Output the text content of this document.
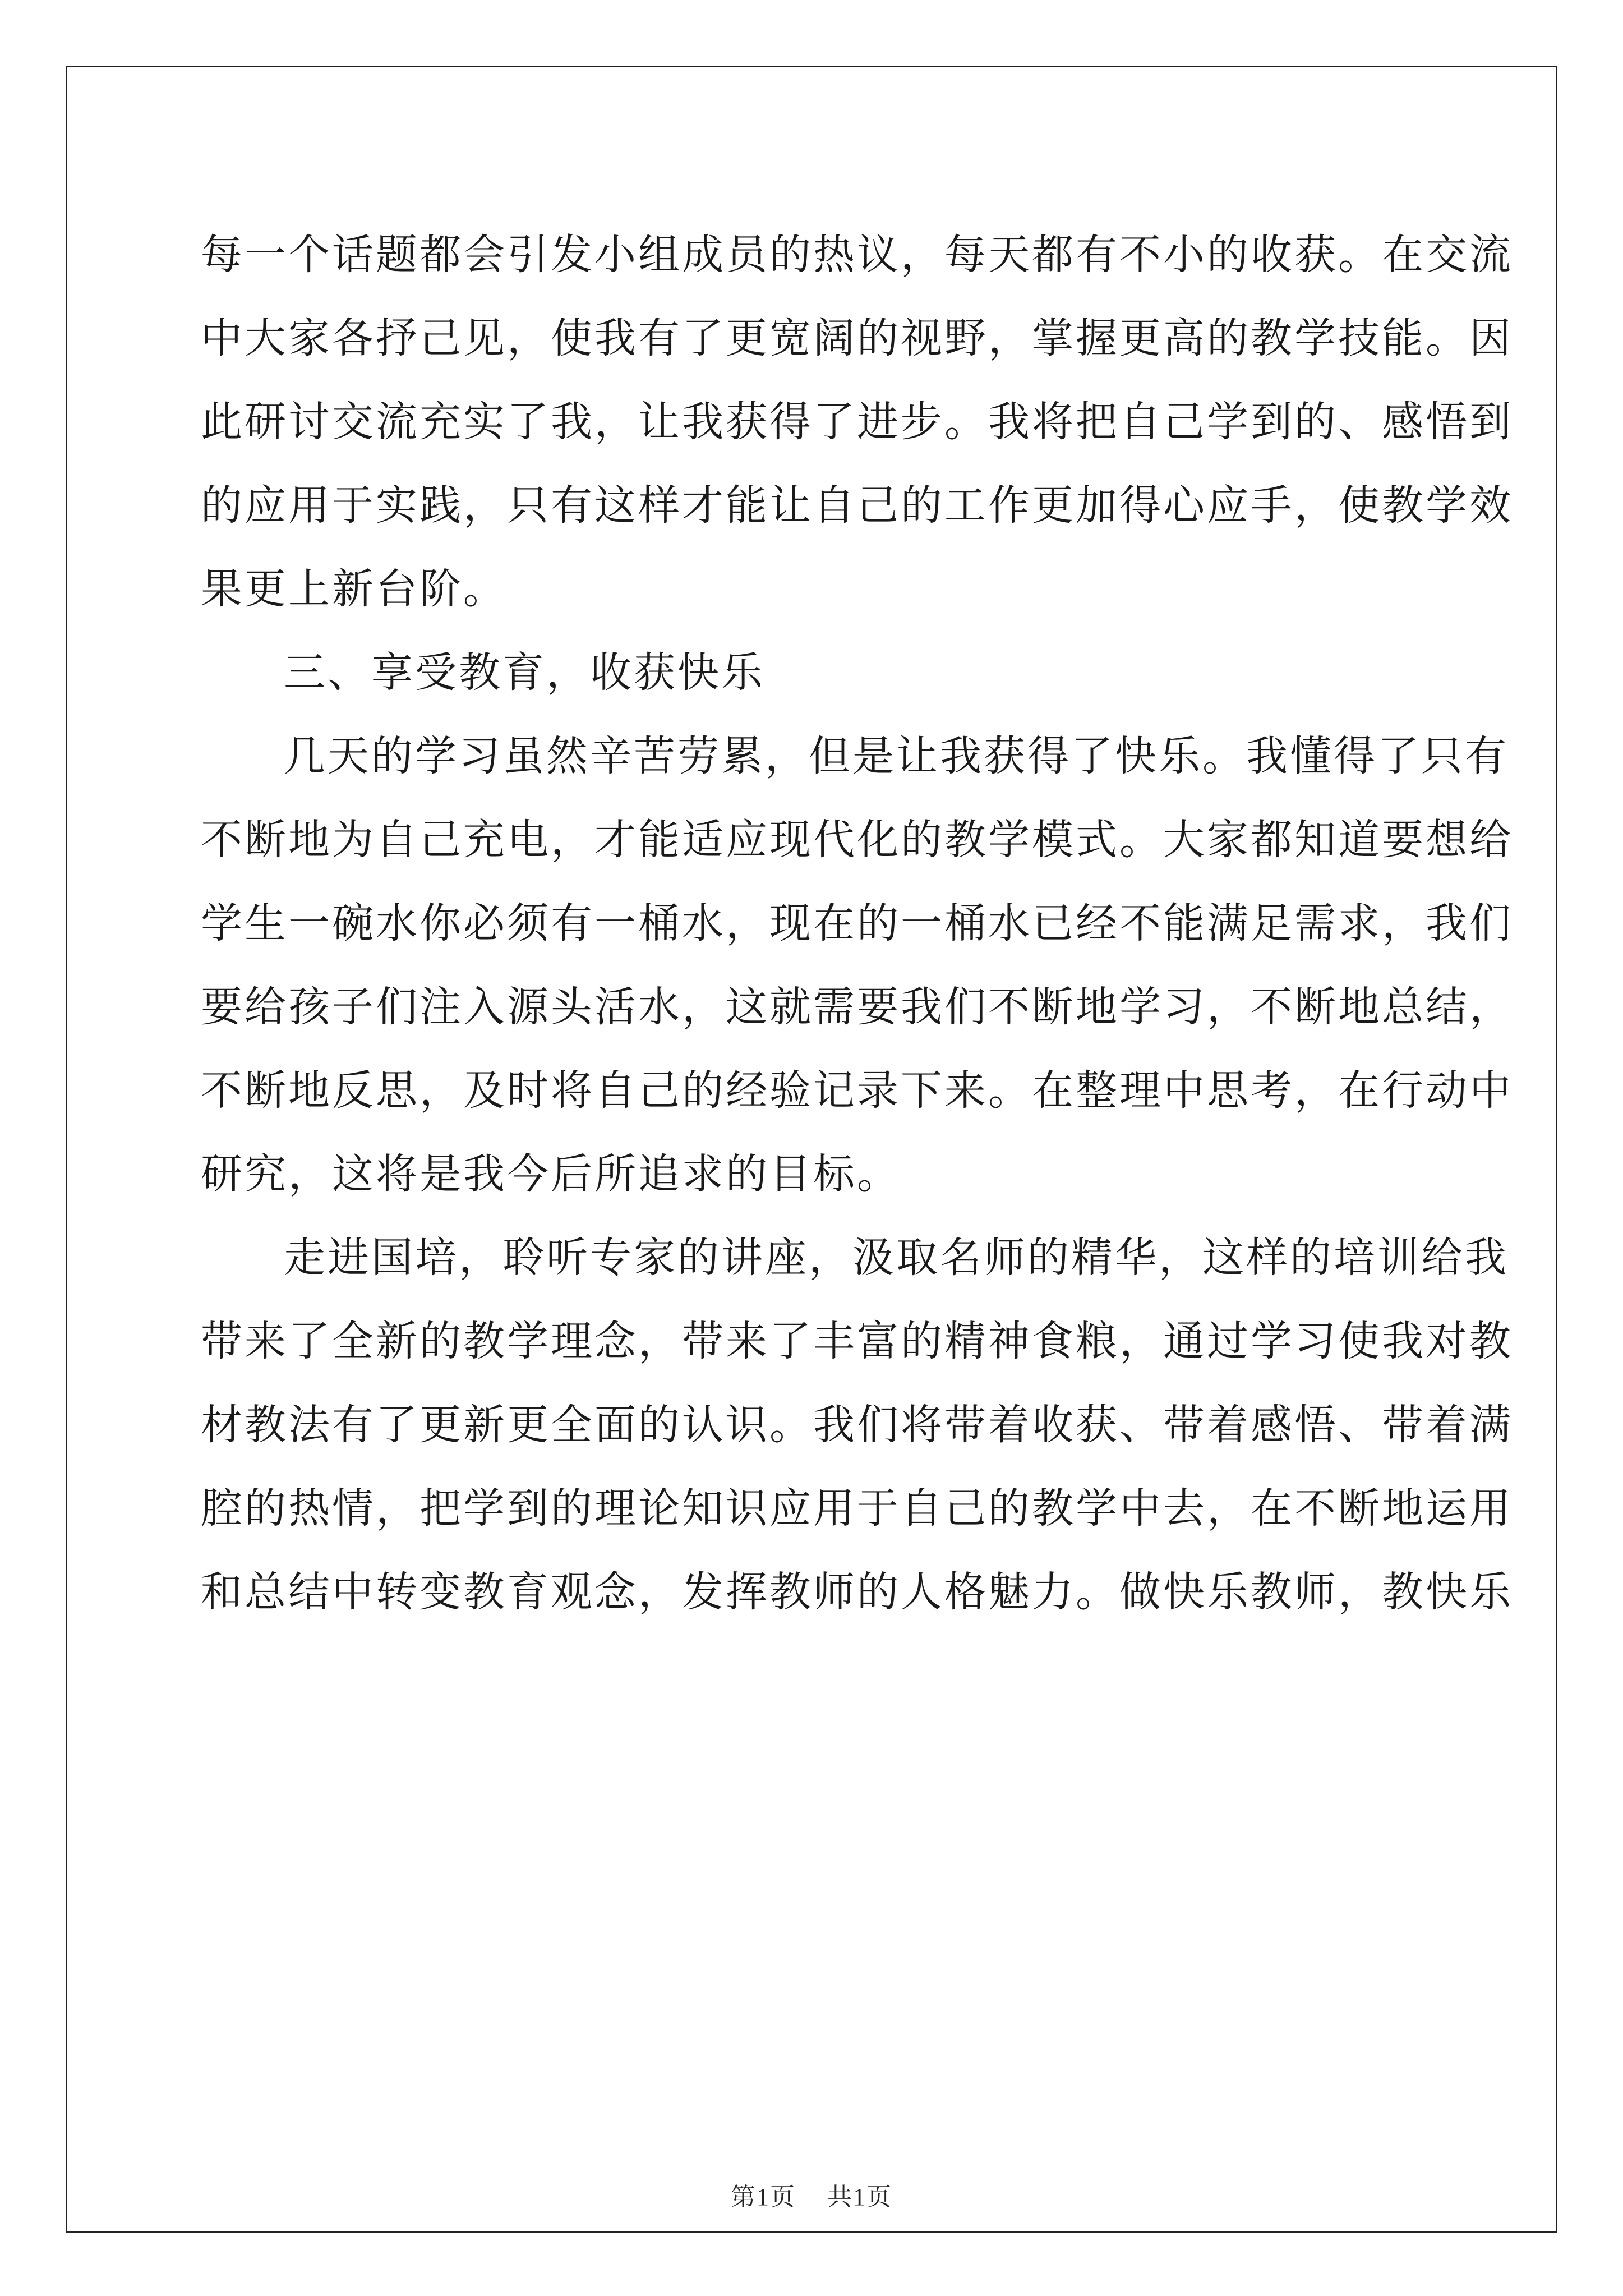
每一个话题都会引发小组成员的热议，每天都有不小的收获。在交流
中大家各抒己见，使我有了更宽阔的视野，掌握更高的教学技能。因
此研讨交流充实了我，让我获得了进步。我将把自己学到的、感悟到
的应用于实践，只有这样才能让自己的工作更加得心应手，使教学效
果更上新台阶。
三、享受教育，收获快乐
几天的学习虽然辛苦劳累，但是让我获得了快乐。我懂得了只有
不断地为自己充电，才能适应现代化的教学模式。大家都知道要想给
学生一碗水你必须有一桶水，现在的一桶水已经不能满足需求，我们
要给孩子们注入源头活水，这就需要我们不断地学习，不断地总结，
不断地反思，及时将自己的经验记录下来。在整理中思考，在行动中
研究，这将是我今后所追求的目标。
走进国培，聆听专家的讲座，汲取名师的精华，这样的培训给我
带来了全新的教学理念，带来了丰富的精神食粮，通过学习使我对教
材教法有了更新更全面的认识。我们将带着收获、带着感悟、带着满
腔的热情，把学到的理论知识应用于自己的教学中去，在不断地运用
和总结中转变教育观念，发挥教师的人格魅力。做快乐教师，教快乐
第1页 共1页
